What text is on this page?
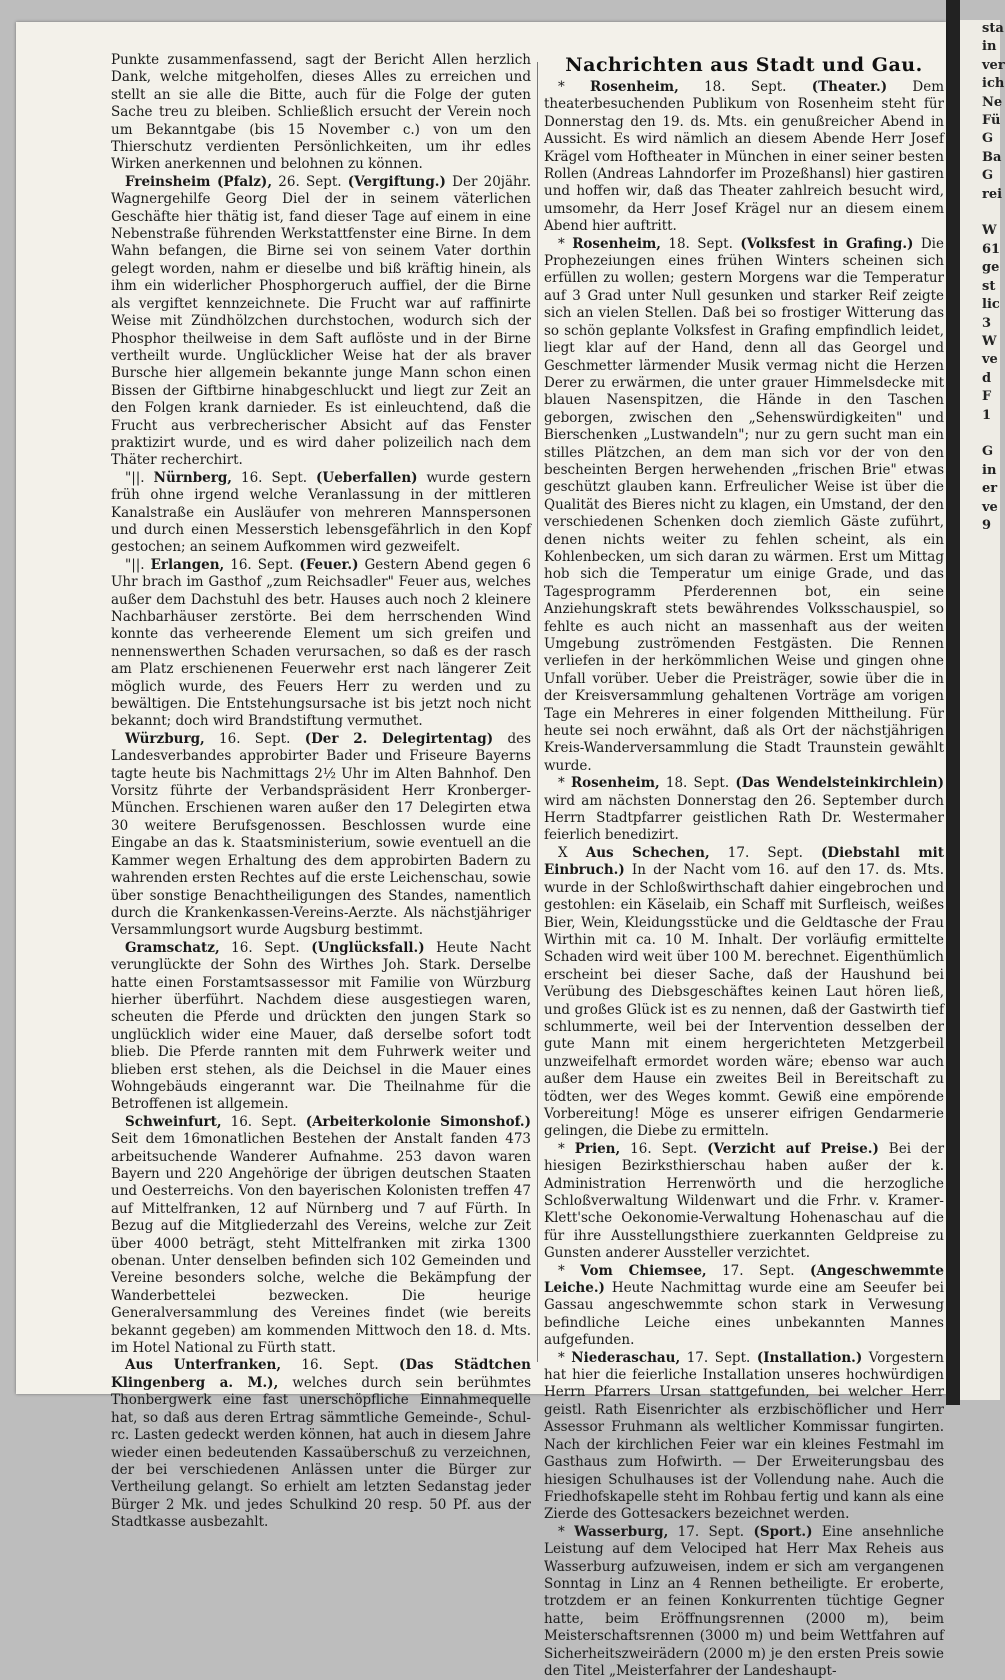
sta
in
ver
ich
Ne
Fü
G
Ba
G
rei

W
61
ge
st
lic
3
W
ve
d
F
1

G
in
er
ve
9

Punkte zusammenfassend, sagt der Bericht Allen herzlich Dank, welche mitgeholfen, dieses Alles zu erreichen und stellt an sie alle die Bitte, auch für die Folge der guten Sache treu zu bleiben. Schließlich ersucht der Verein noch um Bekanntgabe (bis 15 November c.) von um den Thierschutz verdienten Persönlichkeiten, um ihr edles Wirken anerkennen und belohnen zu können.

Freinsheim (Pfalz), 26. Sept. (Vergiftung.) Der 20jähr. Wagnergehilfe Georg Diel der in seinem väterlichen Geschäfte hier thätig ist, fand dieser Tage auf einem in eine Nebenstraße führenden Werkstattfenster eine Birne. In dem Wahn befangen, die Birne sei von seinem Vater dorthin gelegt worden, nahm er dieselbe und biß kräftig hinein, als ihm ein widerlicher Phosphorgeruch auffiel, der die Birne als vergiftet kennzeichnete. Die Frucht war auf raffinirte Weise mit Zündhölzchen durchstochen, wodurch sich der Phosphor theilweise in dem Saft auflöste und in der Birne vertheilt wurde. Unglücklicher Weise hat der als braver Bursche hier allgemein bekannte junge Mann schon einen Bissen der Giftbirne hinabgeschluckt und liegt zur Zeit an den Folgen krank darnieder. Es ist einleuchtend, daß die Frucht aus verbrecherischer Absicht auf das Fenster praktizirt wurde, und es wird daher polizeilich nach dem Thäter recherchirt.

"||. Nürnberg, 16. Sept. (Ueberfallen) wurde gestern früh ohne irgend welche Veranlassung in der mittleren Kanalstraße ein Ausläufer von mehreren Mannspersonen und durch einen Messerstich lebensgefährlich in den Kopf gestochen; an seinem Aufkommen wird gezweifelt.

"||. Erlangen, 16. Sept. (Feuer.) Gestern Abend gegen 6 Uhr brach im Gasthof „zum Reichsadler" Feuer aus, welches außer dem Dachstuhl des betr. Hauses auch noch 2 kleinere Nachbarhäuser zerstörte. Bei dem herrschenden Wind konnte das verheerende Element um sich greifen und nennenswerthen Schaden verursachen, so daß es der rasch am Platz erschienenen Feuerwehr erst nach längerer Zeit möglich wurde, des Feuers Herr zu werden und zu bewältigen. Die Entstehungsursache ist bis jetzt noch nicht bekannt; doch wird Brandstiftung vermuthet.

Würzburg, 16. Sept. (Der 2. Delegirtentag) des Landesverbandes approbirter Bader und Friseure Bayerns tagte heute bis Nachmittags 2½ Uhr im Alten Bahnhof. Den Vorsitz führte der Verbandspräsident Herr Kronberger-München. Erschienen waren außer den 17 Delegirten etwa 30 weitere Berufsgenossen. Beschlossen wurde eine Eingabe an das k. Staatsministerium, sowie eventuell an die Kammer wegen Erhaltung des dem approbirten Badern zu wahrenden ersten Rechtes auf die erste Leichenschau, sowie über sonstige Benachtheiligungen des Standes, namentlich durch die Krankenkassen-Vereins-Aerzte. Als nächstjähriger Versammlungsort wurde Augsburg bestimmt.

Gramschatz, 16. Sept. (Unglücksfall.) Heute Nacht verunglückte der Sohn des Wirthes Joh. Stark. Derselbe hatte einen Forstamtsassessor mit Familie von Würzburg hierher überführt. Nachdem diese ausgestiegen waren, scheuten die Pferde und drückten den jungen Stark so unglücklich wider eine Mauer, daß derselbe sofort todt blieb. Die Pferde rannten mit dem Fuhrwerk weiter und blieben erst stehen, als die Deichsel in die Mauer eines Wohngebäuds eingerannt war. Die Theilnahme für die Betroffenen ist allgemein.

Schweinfurt, 16. Sept. (Arbeiterkolonie Simonshof.) Seit dem 16monatlichen Bestehen der Anstalt fanden 473 arbeitsuchende Wanderer Aufnahme. 253 davon waren Bayern und 220 Angehörige der übrigen deutschen Staaten und Oesterreichs. Von den bayerischen Kolonisten treffen 47 auf Mittelfranken, 12 auf Nürnberg und 7 auf Fürth. In Bezug auf die Mitgliederzahl des Vereins, welche zur Zeit über 4000 beträgt, steht Mittelfranken mit zirka 1300 obenan. Unter denselben befinden sich 102 Gemeinden und Vereine besonders solche, welche die Bekämpfung der Wanderbettelei bezwecken. Die heurige Generalversammlung des Vereines findet (wie bereits bekannt gegeben) am kommenden Mittwoch den 18. d. Mts. im Hotel National zu Fürth statt.

Aus Unterfranken, 16. Sept. (Das Städtchen Klingenberg a. M.), welches durch sein berühmtes Thonbergwerk eine fast unerschöpfliche Einnahmequelle hat, so daß aus deren Ertrag sämmtliche Gemeinde-, Schul- rc. Lasten gedeckt werden können, hat auch in diesem Jahre wieder einen bedeutenden Kassaüberschuß zu verzeichnen, der bei verschiedenen Anlässen unter die Bürger zur Vertheilung gelangt. So erhielt am letzten Sedanstag jeder Bürger 2 Mk. und jedes Schulkind 20 resp. 50 Pf. aus der Stadtkasse ausbezahlt.

Nachrichten aus Stadt und Gau.

* Rosenheim, 18. Sept. (Theater.) Dem theaterbesuchenden Publikum von Rosenheim steht für Donnerstag den 19. ds. Mts. ein genußreicher Abend in Aussicht. Es wird nämlich an diesem Abende Herr Josef Krägel vom Hoftheater in München in einer seiner besten Rollen (Andreas Lahndorfer im Prozeßhansl) hier gastiren und hoffen wir, daß das Theater zahlreich besucht wird, umsomehr, da Herr Josef Krägel nur an diesem einem Abend hier auftritt.

* Rosenheim, 18. Sept. (Volksfest in Grafing.) Die Prophezeiungen eines frühen Winters scheinen sich erfüllen zu wollen; gestern Morgens war die Temperatur auf 3 Grad unter Null gesunken und starker Reif zeigte sich an vielen Stellen. Daß bei so frostiger Witterung das so schön geplante Volksfest in Grafing empfindlich leidet, liegt klar auf der Hand, denn all das Georgel und Geschmetter lärmender Musik vermag nicht die Herzen Derer zu erwärmen, die unter grauer Himmelsdecke mit blauen Nasenspitzen, die Hände in den Taschen geborgen, zwischen den „Sehenswürdigkeiten" und Bierschenken „Lustwandeln"; nur zu gern sucht man ein stilles Plätzchen, an dem man sich vor der von den bescheinten Bergen herwehenden „frischen Brie" etwas geschützt glauben kann. Erfreulicher Weise ist über die Qualität des Bieres nicht zu klagen, ein Umstand, der den verschiedenen Schenken doch ziemlich Gäste zuführt, denen nichts weiter zu fehlen scheint, als ein Kohlenbecken, um sich daran zu wärmen. Erst um Mittag hob sich die Temperatur um einige Grade, und das Tagesprogramm Pferderennen bot, ein seine Anziehungskraft stets bewährendes Volksschauspiel, so fehlte es auch nicht an massenhaft aus der weiten Umgebung zuströmenden Festgästen. Die Rennen verliefen in der herkömmlichen Weise und gingen ohne Unfall vorüber. Ueber die Preisträger, sowie über die in der Kreisversammlung gehaltenen Vorträge am vorigen Tage ein Mehreres in einer folgenden Mittheilung. Für heute sei noch erwähnt, daß als Ort der nächstjährigen Kreis-Wanderversammlung die Stadt Traunstein gewählt wurde.

* Rosenheim, 18. Sept. (Das Wendelsteinkirchlein) wird am nächsten Donnerstag den 26. September durch Herrn Stadtpfarrer geistlichen Rath Dr. Westermaher feierlich benedizirt.

X Aus Schechen, 17. Sept. (Diebstahl mit Einbruch.) In der Nacht vom 16. auf den 17. ds. Mts. wurde in der Schloßwirthschaft dahier eingebrochen und gestohlen: ein Käselaib, ein Schaff mit Surfleisch, weißes Bier, Wein, Kleidungsstücke und die Geldtasche der Frau Wirthin mit ca. 10 M. Inhalt. Der vorläufig ermittelte Schaden wird weit über 100 M. berechnet. Eigenthümlich erscheint bei dieser Sache, daß der Haushund bei Verübung des Diebsgeschäftes keinen Laut hören ließ, und großes Glück ist es zu nennen, daß der Gastwirth tief schlummerte, weil bei der Intervention desselben der gute Mann mit einem hergerichteten Metzgerbeil unzweifelhaft ermordet worden wäre; ebenso war auch außer dem Hause ein zweites Beil in Bereitschaft zu tödten, wer des Weges kommt. Gewiß eine empörende Vorbereitung! Möge es unserer eifrigen Gendarmerie gelingen, die Diebe zu ermitteln.

* Prien, 16. Sept. (Verzicht auf Preise.) Bei der hiesigen Bezirksthierschau haben außer der k. Administration Herrenwörth und die herzogliche Schloßverwaltung Wildenwart und die Frhr. v. Kramer-Klett'sche Oekonomie-Verwaltung Hohenaschau auf die für ihre Ausstellungsthiere zuerkannten Geldpreise zu Gunsten anderer Aussteller verzichtet.

* Vom Chiemsee, 17. Sept. (Angeschwemmte Leiche.) Heute Nachmittag wurde eine am Seeufer bei Gassau angeschwemmte schon stark in Verwesung befindliche Leiche eines unbekannten Mannes aufgefunden.

* Niederaschau, 17. Sept. (Installation.) Vorgestern hat hier die feierliche Installation unseres hochwürdigen Herrn Pfarrers Ursan stattgefunden, bei welcher Herr geistl. Rath Eisenrichter als erzbischöflicher und Herr Assessor Fruhmann als weltlicher Kommissar fungirten. Nach der kirchlichen Feier war ein kleines Festmahl im Gasthaus zum Hofwirth. — Der Erweiterungsbau des hiesigen Schulhauses ist der Vollendung nahe. Auch die Friedhofskapelle steht im Rohbau fertig und kann als eine Zierde des Gottesackers bezeichnet werden.

* Wasserburg, 17. Sept. (Sport.) Eine ansehnliche Leistung auf dem Velociped hat Herr Max Reheis aus Wasserburg aufzuweisen, indem er sich am vergangenen Sonntag in Linz an 4 Rennen betheiligte. Er eroberte, trotzdem er an feinen Konkurrenten tüchtige Gegner hatte, beim Eröffnungsrennen (2000 m), beim Meisterschaftsrennen (3000 m) und beim Wettfahren auf Sicherheitszweirädern (2000 m) je den ersten Preis sowie den Titel „Meisterfahrer der Landeshaupt-
